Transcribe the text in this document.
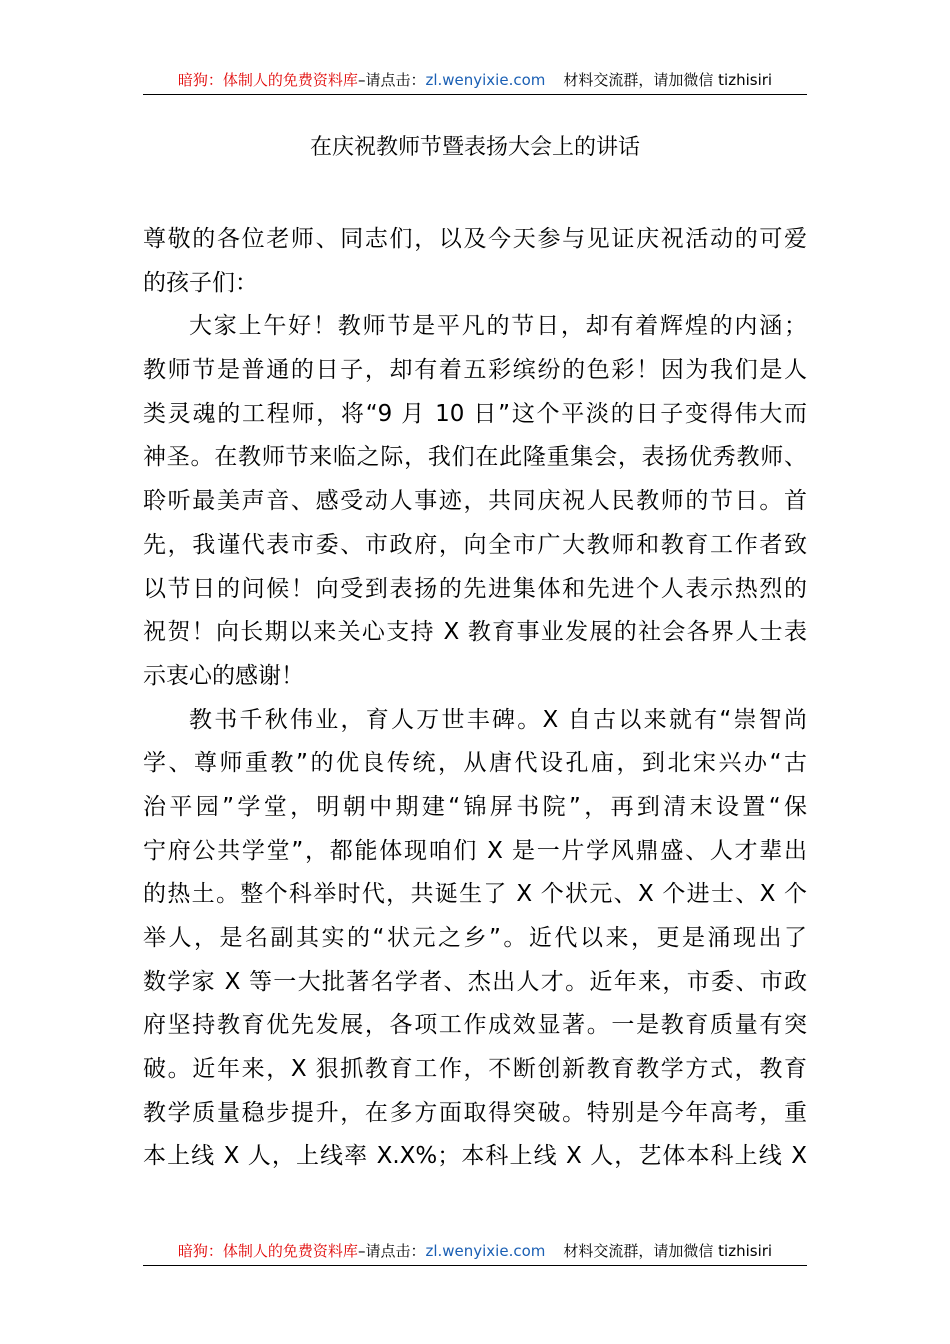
暗狗：体制人的免费资料库–请点击：zl.wenyixie.com 材料交流群，请加微信 tizhisiri
在庆祝教师节暨表扬大会上的讲话
尊敬的各位老师、同志们，以及今天参与见证庆祝活动的可爱
的孩子们：
大家上午好！教师节是平凡的节日，却有着辉煌的内涵；
教师节是普通的日子，却有着五彩缤纷的色彩！因为我们是人
类灵魂的工程师，将“9 月 10 日”这个平淡的日子变得伟大而
神圣。在教师节来临之际，我们在此隆重集会，表扬优秀教师、
聆听最美声音、感受动人事迹，共同庆祝人民教师的节日。首
先，我谨代表市委、市政府，向全市广大教师和教育工作者致
以节日的问候！向受到表扬的先进集体和先进个人表示热烈的
祝贺！向长期以来关心支持 X 教育事业发展的社会各界人士表
示衷心的感谢！
教书千秋伟业，育人万世丰碑。X 自古以来就有“崇智尚
学、尊师重教”的优良传统，从唐代设孔庙，到北宋兴办“古
治平园”学堂，明朝中期建“锦屏书院”，再到清末设置“保
宁府公共学堂”，都能体现咱们 X 是一片学风鼎盛、人才辈出
的热土。整个科举时代，共诞生了 X 个状元、X 个进士、X 个
举人，是名副其实的“状元之乡”。近代以来，更是涌现出了
数学家 X 等一大批著名学者、杰出人才。近年来，市委、市政
府坚持教育优先发展，各项工作成效显著。一是教育质量有突
破。近年来，X 狠抓教育工作，不断创新教育教学方式，教育
教学质量稳步提升，在多方面取得突破。特别是今年高考，重
本上线 X 人，上线率 X.X%；本科上线 X 人，艺体本科上线 X
暗狗：体制人的免费资料库–请点击：zl.wenyixie.com 材料交流群，请加微信 tizhisiri
